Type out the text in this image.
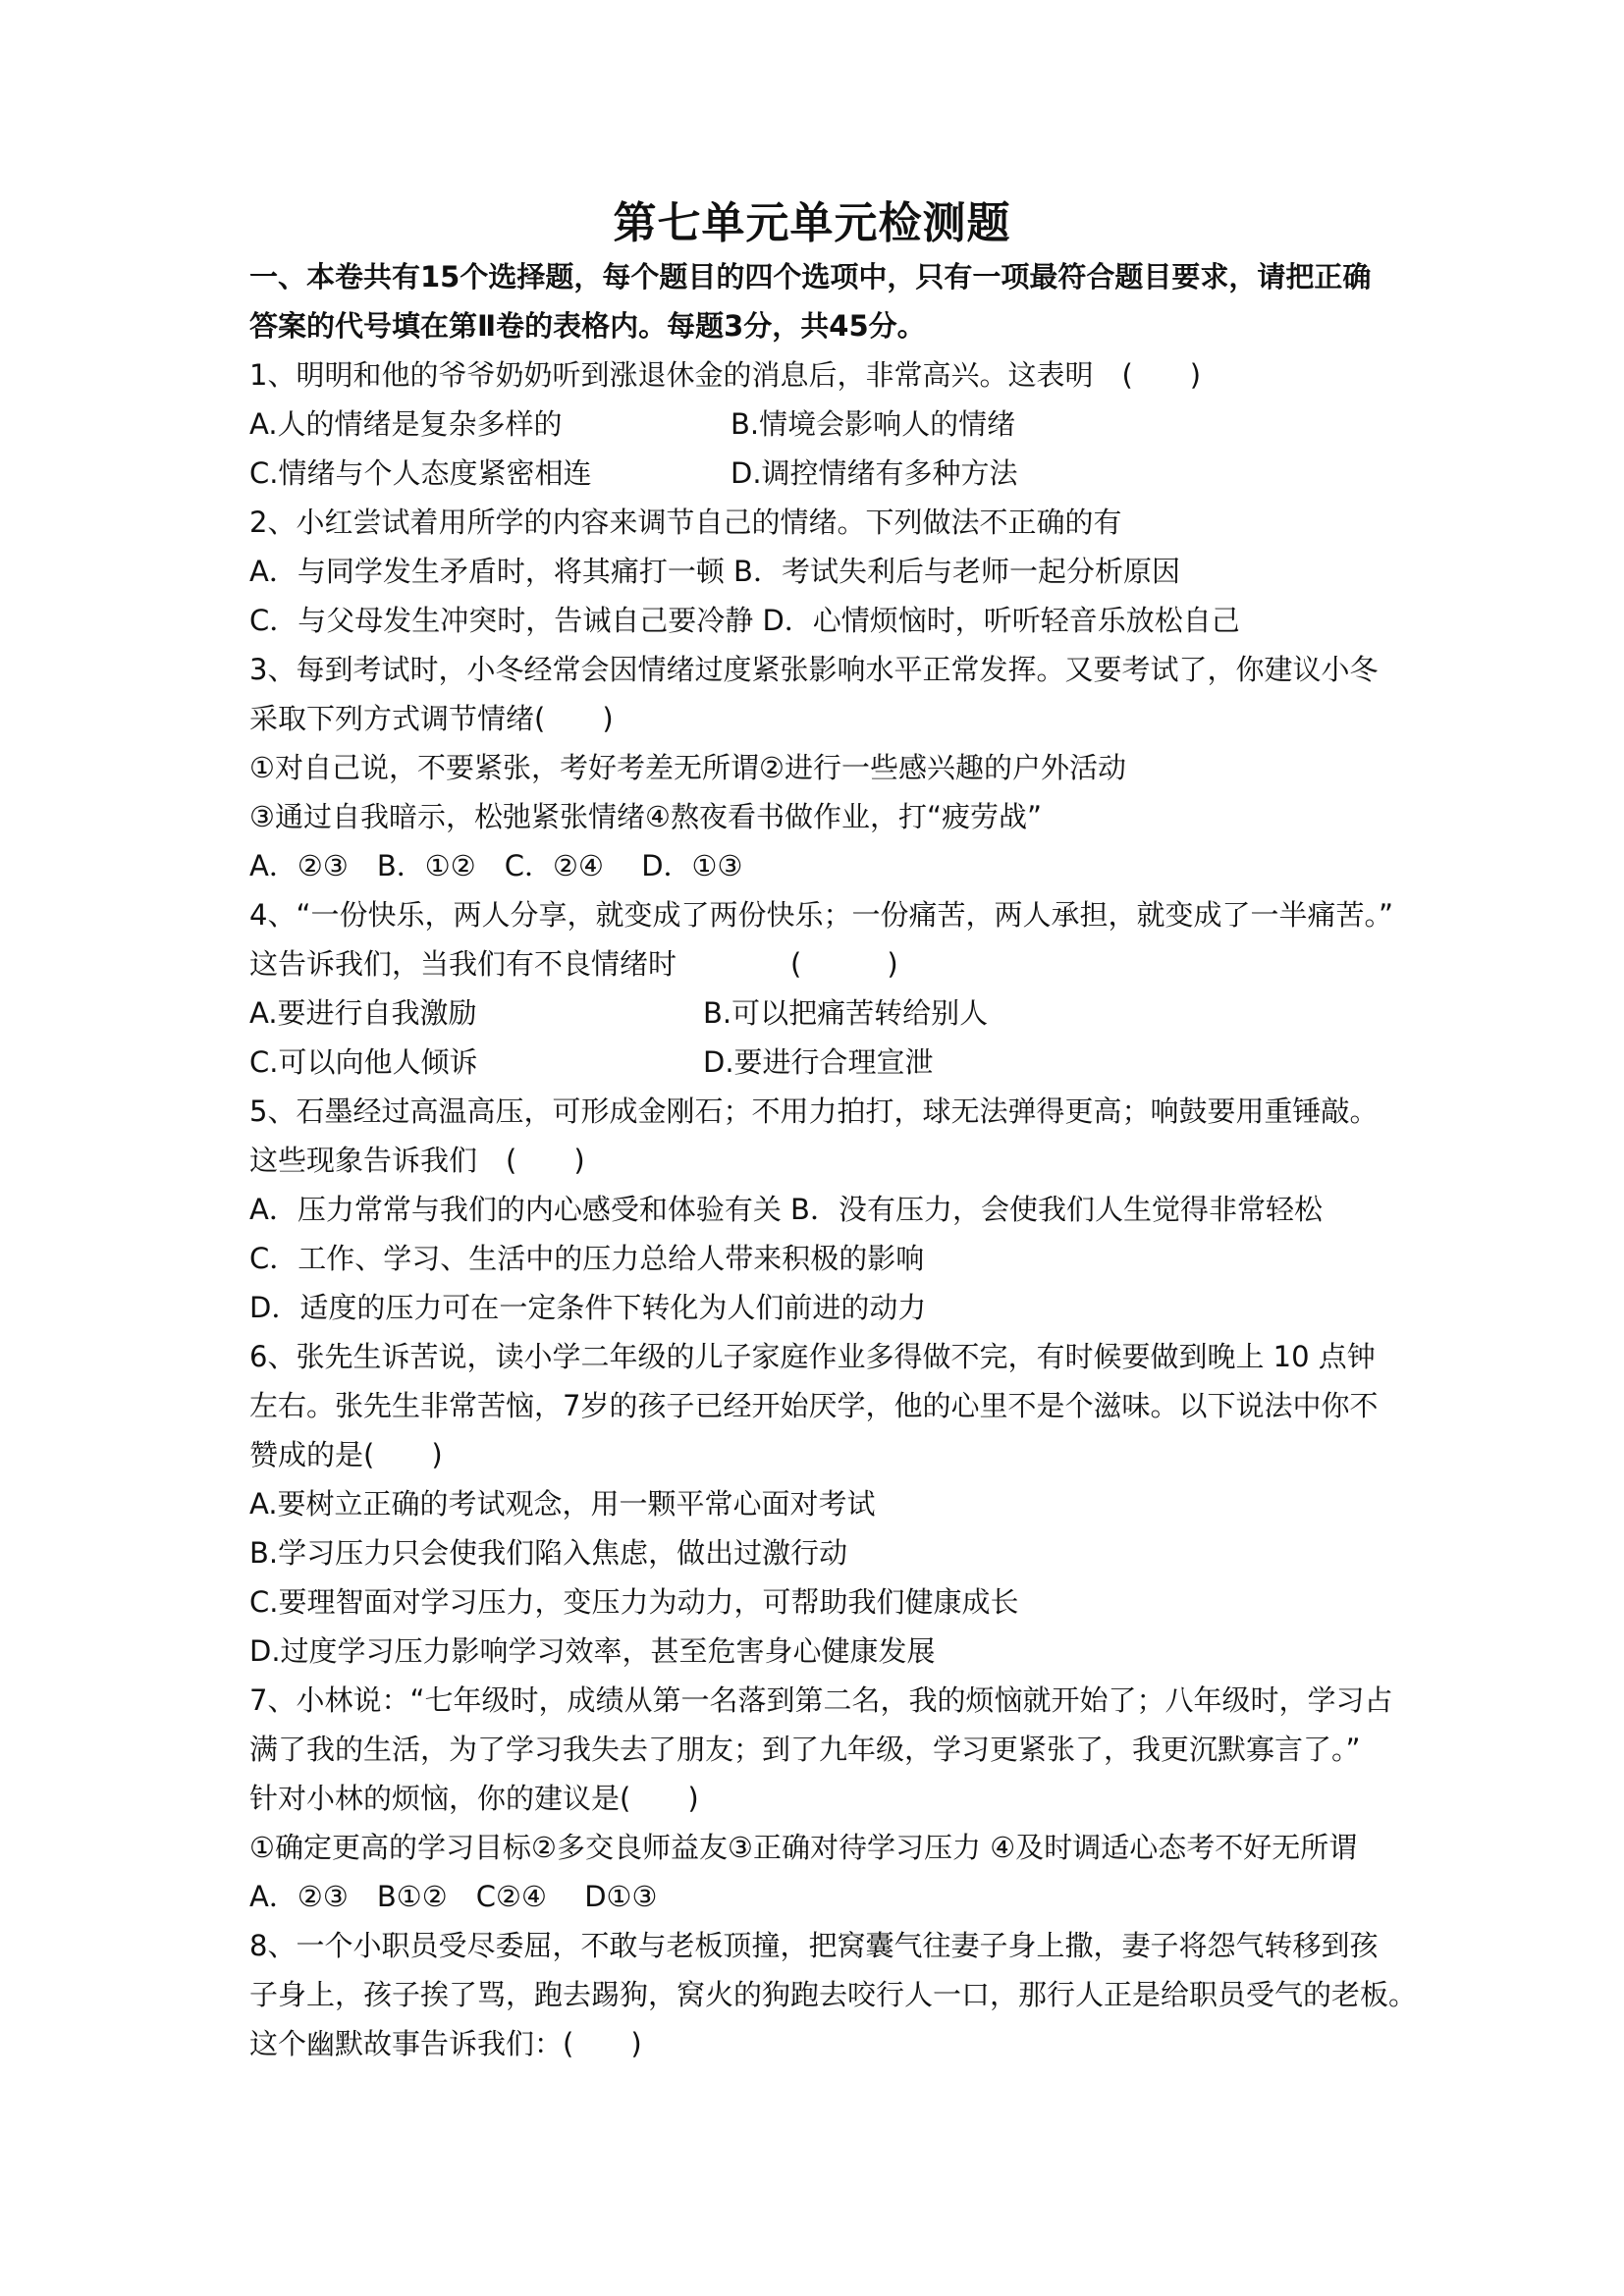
第七单元单元检测题
一、本卷共有15个选择题，每个题目的四个选项中，只有一项最符合题目要求，请把正确
答案的代号填在第Ⅱ卷的表格内。每题3分，共45分。
1、明明和他的爷爷奶奶听到涨退休金的消息后，非常高兴。这表明　(　　)
A.人的情绪是复杂多样的	B.情境会影响人的情绪
C.情绪与个人态度紧密相连	D.调控情绪有多种方法
2、小红尝试着用所学的内容来调节自己的情绪。下列做法不正确的有
A．与同学发生矛盾时，将其痛打一顿 B．考试失利后与老师一起分析原因
C．与父母发生冲突时，告诫自己要冷静 D．心情烦恼时，听听轻音乐放松自己
3、每到考试时，小冬经常会因情绪过度紧张影响水平正常发挥。又要考试了，你建议小冬
采取下列方式调节情绪(　　)
①对自己说，不要紧张，考好考差无所谓②进行一些感兴趣的户外活动
③通过自我暗示，松弛紧张情绪④熬夜看书做作业，打“疲劳战”
A．②③　B．①②　C．②④　 D．①③
4、“一份快乐，两人分享，就变成了两份快乐；一份痛苦，两人承担，就变成了一半痛苦。”
这告诉我们，当我们有不良情绪时　　　　(　　　)
A.要进行自我激励	B.可以把痛苦转给别人
C.可以向他人倾诉	D.要进行合理宣泄
5、石墨经过高温高压，可形成金刚石；不用力拍打，球无法弹得更高；响鼓要用重锤敲。
这些现象告诉我们　(　　)
A．压力常常与我们的内心感受和体验有关 B．没有压力，会使我们人生觉得非常轻松
C．工作、学习、生活中的压力总给人带来积极的影响
D．适度的压力可在一定条件下转化为人们前进的动力
6、张先生诉苦说，读小学二年级的儿子家庭作业多得做不完，有时候要做到晚上 10 点钟
左右。张先生非常苦恼，7岁的孩子已经开始厌学，他的心里不是个滋味。以下说法中你不
赞成的是(　　)
A.要树立正确的考试观念，用一颗平常心面对考试
B.学习压力只会使我们陷入焦虑，做出过激行动
C.要理智面对学习压力，变压力为动力，可帮助我们健康成长
D.过度学习压力影响学习效率，甚至危害身心健康发展
7、小林说：“七年级时，成绩从第一名落到第二名，我的烦恼就开始了；八年级时，学习占
满了我的生活，为了学习我失去了朋友；到了九年级，学习更紧张了，我更沉默寡言了。”
针对小林的烦恼，你的建议是(　　)
①确定更高的学习目标②多交良师益友③正确对待学习压力 ④及时调适心态考不好无所谓
A．②③　B①②　C②④　 D①③
8、一个小职员受尽委屈，不敢与老板顶撞，把窝囊气往妻子身上撒，妻子将怨气转移到孩
子身上，孩子挨了骂，跑去踢狗，窝火的狗跑去咬行人一口，那行人正是给职员受气的老板。
这个幽默故事告诉我们：(　　)
